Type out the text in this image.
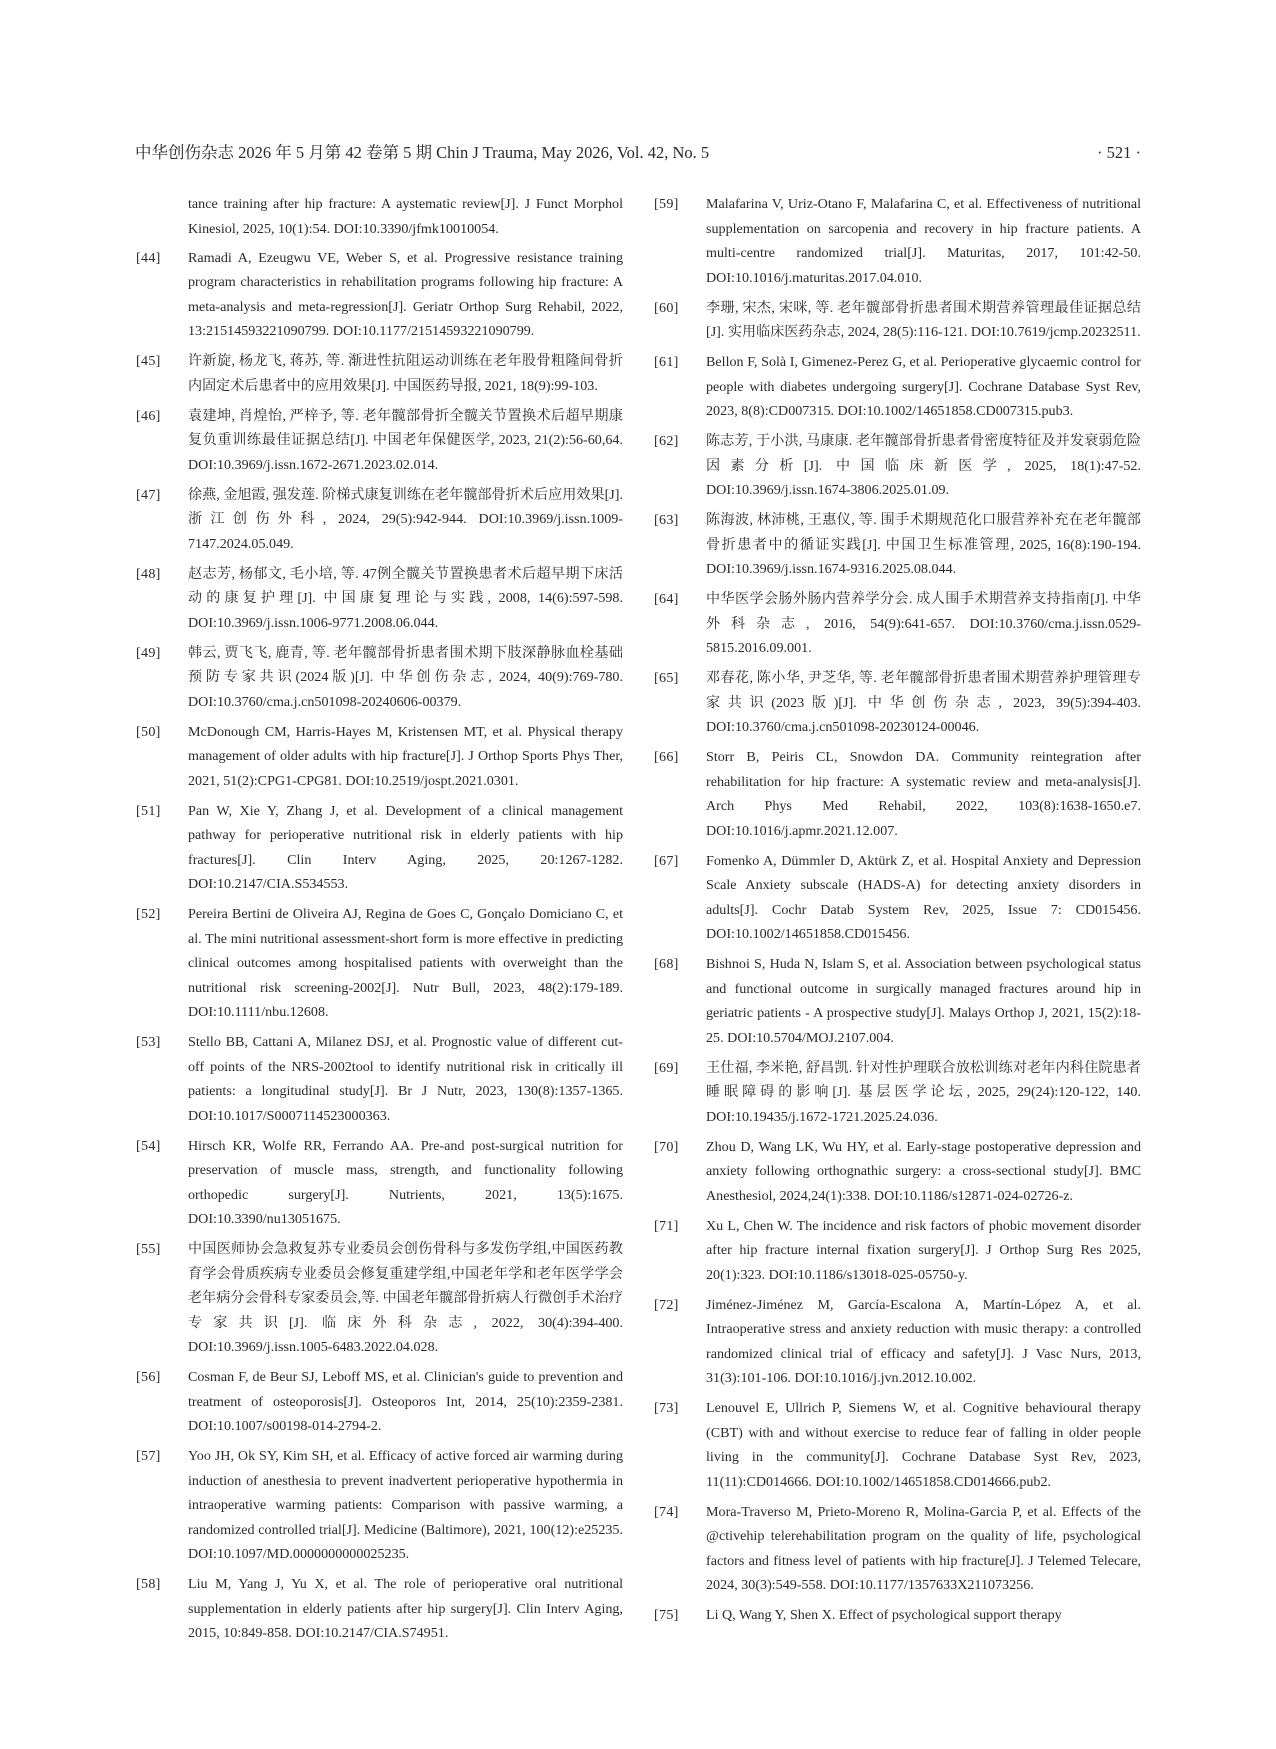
中华创伤杂志 2026 年 5 月第 42 卷第 5 期 Chin J Trauma, May 2026, Vol. 42, No. 5	· 521 ·
tance training after hip fracture: A aystematic review[J]. J Funct Morphol Kinesiol, 2025, 10(1):54. DOI:10.3390/jfmk10010054.
[44] Ramadi A, Ezeugwu VE, Weber S, et al. Progressive resistance training program characteristics in rehabilitation programs following hip fracture: A meta-analysis and meta-regression[J]. Geriatr Orthop Surg Rehabil, 2022, 13:21514593221090799. DOI:10.1177/21514593221090799.
[45] 许新旋, 杨龙飞, 蒋苏, 等. 渐进性抗阻运动训练在老年股骨粗隆间骨折内固定术后患者中的应用效果[J]. 中国医药导报, 2021, 18(9):99-103.
[46] 袁建坤, 肖煌怡, 严梓予, 等. 老年髋部骨折全髋关节置换术后超早期康复负重训练最佳证据总结[J]. 中国老年保健医学, 2023, 21(2):56-60,64. DOI:10.3969/j.issn.1672-2671.2023.02.014.
[47] 徐燕, 金旭霞, 强发莲. 阶梯式康复训练在老年髋部骨折术后应用效果[J]. 浙江创伤外科, 2024, 29(5):942-944. DOI:10.3969/j.issn.1009-7147.2024.05.049.
[48] 赵志芳, 杨郁文, 毛小培, 等. 47例全髋关节置换患者术后超早期下床活动的康复护理[J]. 中国康复理论与实践, 2008, 14(6):597-598. DOI:10.3969/j.issn.1006-9771.2008.06.044.
[49] 韩云, 贾飞飞, 鹿青, 等. 老年髋部骨折患者围术期下肢深静脉血栓基础预防专家共识(2024版)[J]. 中华创伤杂志, 2024, 40(9):769-780. DOI:10.3760/cma.j.cn501098-20240606-00379.
[50] McDonough CM, Harris-Hayes M, Kristensen MT, et al. Physical therapy management of older adults with hip fracture[J]. J Orthop Sports Phys Ther, 2021, 51(2):CPG1-CPG81. DOI:10.2519/jospt.2021.0301.
[51] Pan W, Xie Y, Zhang J, et al. Development of a clinical management pathway for perioperative nutritional risk in elderly patients with hip fractures[J]. Clin Interv Aging, 2025, 20:1267-1282. DOI:10.2147/CIA.S534553.
[52] Pereira Bertini de Oliveira AJ, Regina de Goes C, Gonçalo Domiciano C, et al. The mini nutritional assessment-short form is more effective in predicting clinical outcomes among hospitalised patients with overweight than the nutritional risk screening-2002[J]. Nutr Bull, 2023, 48(2):179-189. DOI:10.1111/nbu.12608.
[53] Stello BB, Cattani A, Milanez DSJ, et al. Prognostic value of different cut-off points of the NRS-2002tool to identify nutritional risk in critically ill patients: a longitudinal study[J]. Br J Nutr, 2023, 130(8):1357-1365. DOI:10.1017/S0007114523000363.
[54] Hirsch KR, Wolfe RR, Ferrando AA. Pre-and post-surgical nutrition for preservation of muscle mass, strength, and functionality following orthopedic surgery[J]. Nutrients, 2021, 13(5):1675. DOI:10.3390/nu13051675.
[55] 中国医师协会急救复苏专业委员会创伤骨科与多发伤学组,中国医药教育学会骨质疾病专业委员会修复重建学组,中国老年学和老年医学学会老年病分会骨科专家委员会,等. 中国老年髋部骨折病人行微创手术治疗专家共识[J]. 临床外科杂志, 2022, 30(4):394-400. DOI:10.3969/j.issn.1005-6483.2022.04.028.
[56] Cosman F, de Beur SJ, Leboff MS, et al. Clinician's guide to prevention and treatment of osteoporosis[J]. Osteoporos Int, 2014, 25(10):2359-2381. DOI:10.1007/s00198-014-2794-2.
[57] Yoo JH, Ok SY, Kim SH, et al. Efficacy of active forced air warming during induction of anesthesia to prevent inadvertent perioperative hypothermia in intraoperative warming patients: Comparison with passive warming, a randomized controlled trial[J]. Medicine (Baltimore), 2021, 100(12):e25235. DOI:10.1097/MD.0000000000025235.
[58] Liu M, Yang J, Yu X, et al. The role of perioperative oral nutritional supplementation in elderly patients after hip surgery[J]. Clin Interv Aging, 2015, 10:849-858. DOI:10.2147/CIA.S74951.
[59] Malafarina V, Uriz-Otano F, Malafarina C, et al. Effectiveness of nutritional supplementation on sarcopenia and recovery in hip fracture patients. A multi-centre randomized trial[J]. Maturitas, 2017, 101:42-50. DOI:10.1016/j.maturitas.2017.04.010.
[60] 李珊, 宋杰, 宋咪, 等. 老年髋部骨折患者围术期营养管理最佳证据总结[J]. 实用临床医药杂志, 2024, 28(5):116-121. DOI:10.7619/jcmp.20232511.
[61] Bellon F, Solà I, Gimenez-Perez G, et al. Perioperative glycaemic control for people with diabetes undergoing surgery[J]. Cochrane Database Syst Rev, 2023, 8(8):CD007315. DOI:10.1002/14651858.CD007315.pub3.
[62] 陈志芳, 于小洪, 马康康. 老年髋部骨折患者骨密度特征及并发衰弱危险因素分析[J]. 中国临床新医学, 2025, 18(1):47-52. DOI:10.3969/j.issn.1674-3806.2025.01.09.
[63] 陈海波, 林沛桃, 王惠仪, 等. 围手术期规范化口服营养补充在老年髋部骨折患者中的循证实践[J]. 中国卫生标准管理, 2025, 16(8):190-194. DOI:10.3969/j.issn.1674-9316.2025.08.044.
[64] 中华医学会肠外肠内营养学分会. 成人围手术期营养支持指南[J]. 中华外科杂志, 2016, 54(9):641-657. DOI:10.3760/cma.j.issn.0529-5815.2016.09.001.
[65] 邓春花, 陈小华, 尹芝华, 等. 老年髋部骨折患者围术期营养护理管理专家共识(2023版)[J]. 中华创伤杂志, 2023, 39(5):394-403. DOI:10.3760/cma.j.cn501098-20230124-00046.
[66] Storr B, Peiris CL, Snowdon DA. Community reintegration after rehabilitation for hip fracture: A systematic review and meta-analysis[J]. Arch Phys Med Rehabil, 2022, 103(8):1638-1650.e7. DOI:10.1016/j.apmr.2021.12.007.
[67] Fomenko A, Dümmler D, Aktürk Z, et al. Hospital Anxiety and Depression Scale Anxiety subscale (HADS-A) for detecting anxiety disorders in adults[J]. Cochr Datab System Rev, 2025, Issue 7: CD015456. DOI:10.1002/14651858.CD015456.
[68] Bishnoi S, Huda N, Islam S, et al. Association between psychological status and functional outcome in surgically managed fractures around hip in geriatric patients - A prospective study[J]. Malays Orthop J, 2021, 15(2):18-25. DOI:10.5704/MOJ.2107.004.
[69] 王仕福, 李米艳, 舒昌凯. 针对性护理联合放松训练对老年内科住院患者睡眠障碍的影响[J]. 基层医学论坛, 2025, 29(24):120-122, 140. DOI:10.19435/j.1672-1721.2025.24.036.
[70] Zhou D, Wang LK, Wu HY, et al. Early-stage postoperative depression and anxiety following orthognathic surgery: a cross-sectional study[J]. BMC Anesthesiol, 2024,24(1):338. DOI:10.1186/s12871-024-02726-z.
[71] Xu L, Chen W. The incidence and risk factors of phobic movement disorder after hip fracture internal fixation surgery[J]. J Orthop Surg Res 2025, 20(1):323. DOI:10.1186/s13018-025-05750-y.
[72] Jiménez-Jiménez M, García-Escalona A, Martín-López A, et al. Intraoperative stress and anxiety reduction with music therapy: a controlled randomized clinical trial of efficacy and safety[J]. J Vasc Nurs, 2013, 31(3):101-106. DOI:10.1016/j.jvn.2012.10.002.
[73] Lenouvel E, Ullrich P, Siemens W, et al. Cognitive behavioural therapy (CBT) with and without exercise to reduce fear of falling in older people living in the community[J]. Cochrane Database Syst Rev, 2023, 11(11):CD014666. DOI:10.1002/14651858.CD014666.pub2.
[74] Mora-Traverso M, Prieto-Moreno R, Molina-Garcia P, et al. Effects of the @ctivehip telerehabilitation program on the quality of life, psychological factors and fitness level of patients with hip fracture[J]. J Telemed Telecare, 2024, 30(3):549-558. DOI:10.1177/1357633X211073256.
[75] Li Q, Wang Y, Shen X. Effect of psychological support therapy
